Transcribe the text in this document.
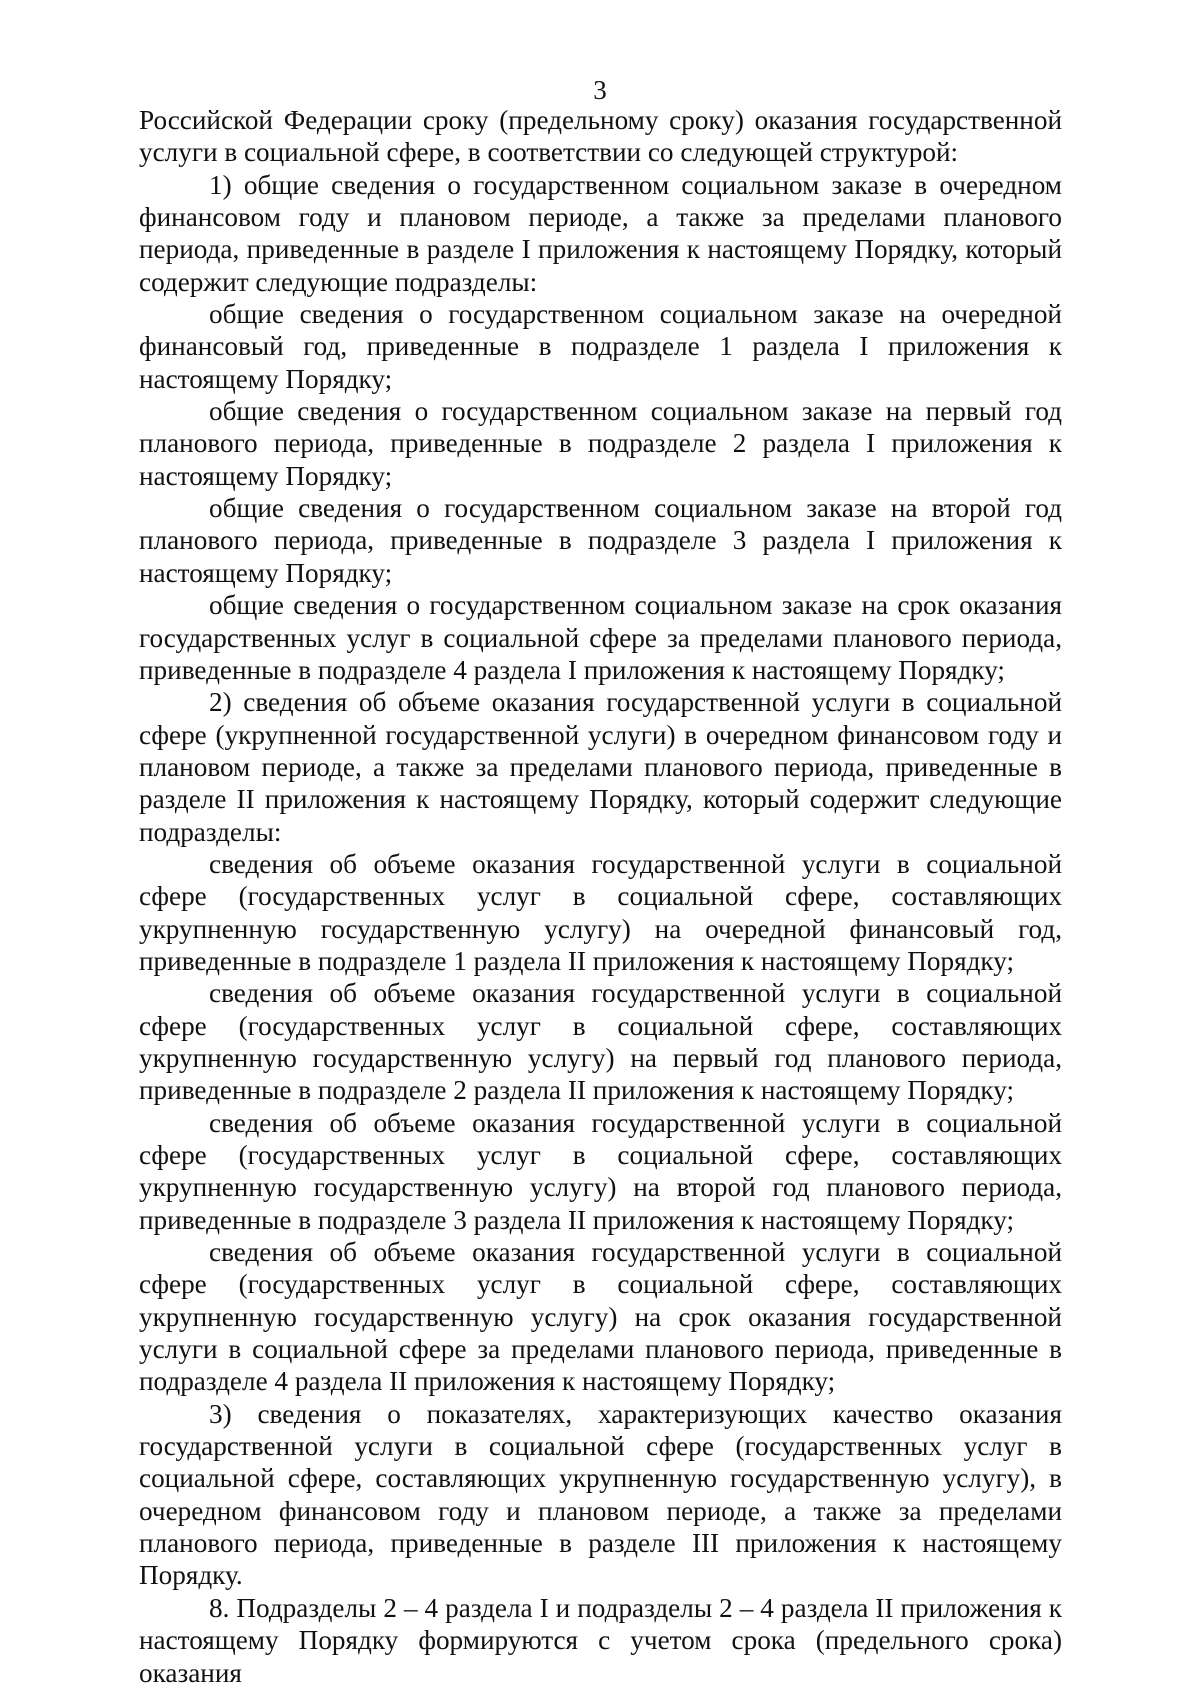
3

Российской Федерации сроку (предельному сроку) оказания государственной услуги в социальной сфере, в соответствии со следующей структурой:

1) общие сведения о государственном социальном заказе в очередном финансовом году и плановом периоде, а также за пределами планового периода, приведенные в разделе I приложения к настоящему Порядку, который содержит следующие подразделы:

общие сведения о государственном социальном заказе на очередной финансовый год, приведенные в подразделе 1 раздела I приложения к настоящему Порядку;

общие сведения о государственном социальном заказе на первый год планового периода, приведенные в подразделе 2 раздела I приложения к настоящему Порядку;

общие сведения о государственном социальном заказе на второй год планового периода, приведенные в подразделе 3 раздела I приложения к настоящему Порядку;

общие сведения о государственном социальном заказе на срок оказания государственных услуг в социальной сфере за пределами планового периода, приведенные в подразделе 4 раздела I приложения к настоящему Порядку;

2) сведения об объеме оказания государственной услуги в социальной сфере (укрупненной государственной услуги) в очередном финансовом году и плановом периоде, а также за пределами планового периода, приведенные в разделе II приложения к настоящему Порядку, который содержит следующие подразделы:

сведения об объеме оказания государственной услуги в социальной сфере (государственных услуг в социальной сфере, составляющих укрупненную государственную услугу) на очередной финансовый год, приведенные в подразделе 1 раздела II приложения к настоящему Порядку;

сведения об объеме оказания государственной услуги в социальной сфере (государственных услуг в социальной сфере, составляющих укрупненную государственную услугу) на первый год планового периода, приведенные в подразделе 2 раздела II приложения к настоящему Порядку;

сведения об объеме оказания государственной услуги в социальной сфере (государственных услуг в социальной сфере, составляющих укрупненную государственную услугу) на второй год планового периода, приведенные в подразделе 3 раздела II приложения к настоящему Порядку;

сведения об объеме оказания государственной услуги в социальной сфере (государственных услуг в социальной сфере, составляющих укрупненную государственную услугу) на срок оказания государственной услуги в социальной сфере за пределами планового периода, приведенные в подразделе 4 раздела II приложения к настоящему Порядку;

3) сведения о показателях, характеризующих качество оказания государственной услуги в социальной сфере (государственных услуг в социальной сфере, составляющих укрупненную государственную услугу), в очередном финансовом году и плановом периоде, а также за пределами планового периода, приведенные в разделе III приложения к настоящему Порядку.

8. Подразделы 2 – 4 раздела I и подразделы 2 – 4 раздела II приложения к настоящему Порядку формируются с учетом срока (предельного срока) оказания
